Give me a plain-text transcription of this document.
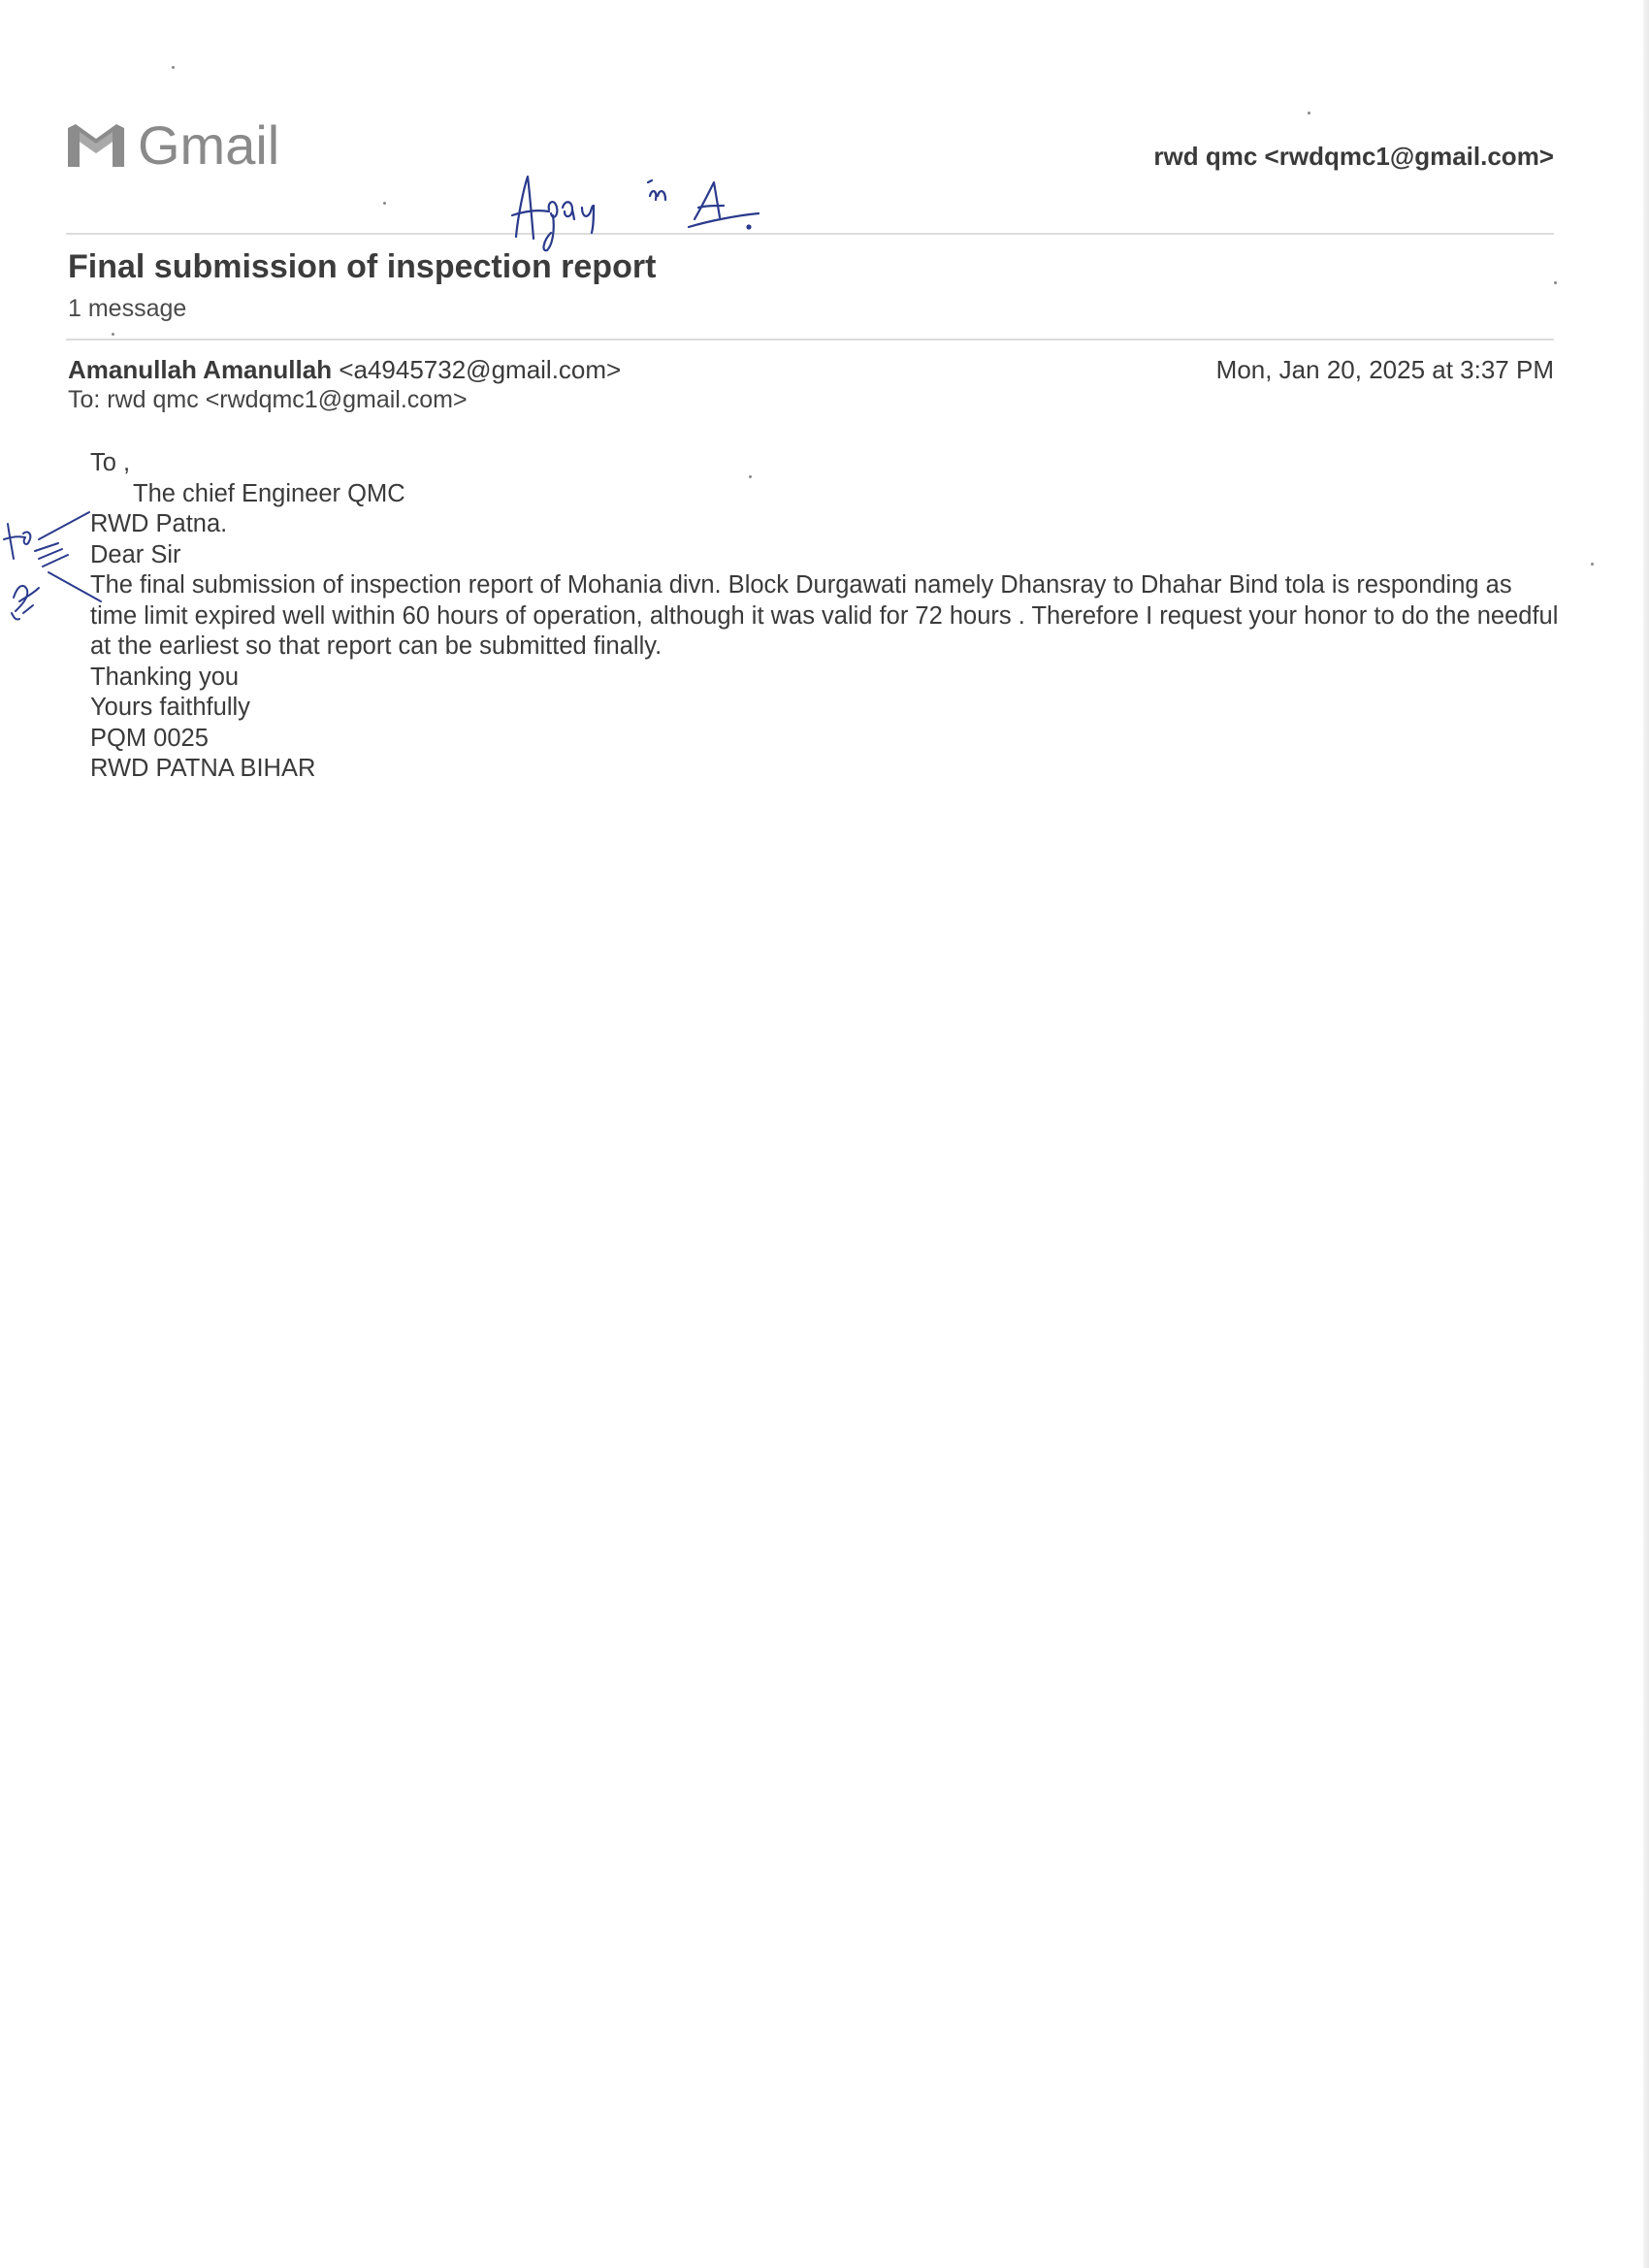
Gmail	rwd qmc <rwdqmc1@gmail.com>
Final submission of inspection report
1 message
Amanullah Amanullah <a4945732@gmail.com>
To: rwd qmc <rwdqmc1@gmail.com>
Mon, Jan 20, 2025 at 3:37 PM
To ,
The chief Engineer QMC
RWD Patna.
Dear Sir
The final submission of inspection report of Mohania divn. Block Durgawati namely Dhansray to Dhahar Bind tola is responding as time limit expired well within 60 hours of operation, although it was valid for 72 hours . Therefore I request your honor to do the needful at the earliest so that report can be submitted finally.
Thanking you
Yours faithfully
PQM 0025
RWD PATNA BIHAR
